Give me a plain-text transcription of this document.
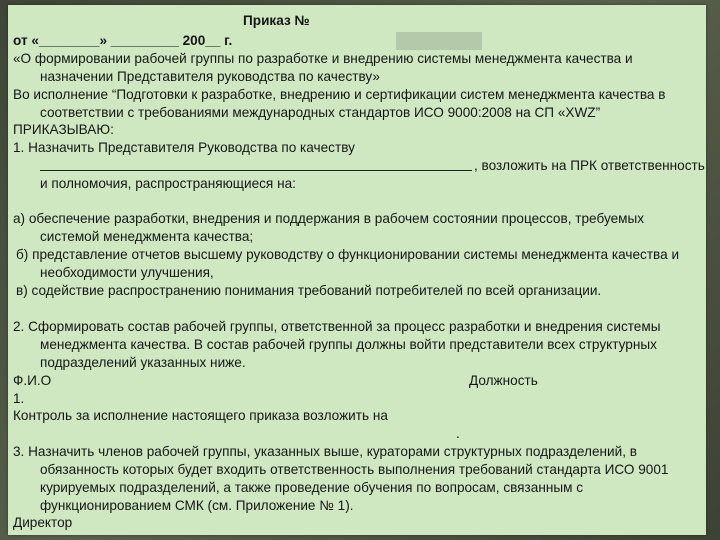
Приказ №

от «________» _________ 200__ г.

«О формировании рабочей группы по разработке и внедрению системы менеджмента качества и

назначении Представителя руководства по качеству»

Во исполнение “Подготовки к разработке, внедрению и сертификации систем менеджмента качества в

соответствии с требованиями международных стандартов ИСО 9000:2008 на СП «XWZ”

ПРИКАЗЫВАЮ:

1. Назначить Представителя Руководства по качеству

, возложить на ПРК ответственность

и полномочия, распространяющиеся на:

а) обеспечение разработки, внедрения и поддержания в рабочем состоянии процессов, требуемых

системой менеджмента качества;

б) представление отчетов высшему руководству о функционировании системы менеджмента качества и

необходимости улучшения,

в) содействие распространению понимания требований потребителей по всей организации.

2. Сформировать состав рабочей группы, ответственной за процесс разработки и внедрения системы

менеджмента качества. В состав рабочей группы должны войти представители всех структурных

подразделений указанных ниже.

Ф.И.О	Должность

1.

Контроль за исполнение настоящего приказа возложить на

.

3. Назначить членов рабочей группы, указанных выше, кураторами структурных подразделений, в

обязанность которых будет входить ответственность выполнения требований стандарта ИСО 9001

курируемых подразделений, а также проведение обучения по вопросам, связанным с

функционированием СМК (см. Приложение № 1).

Директор
